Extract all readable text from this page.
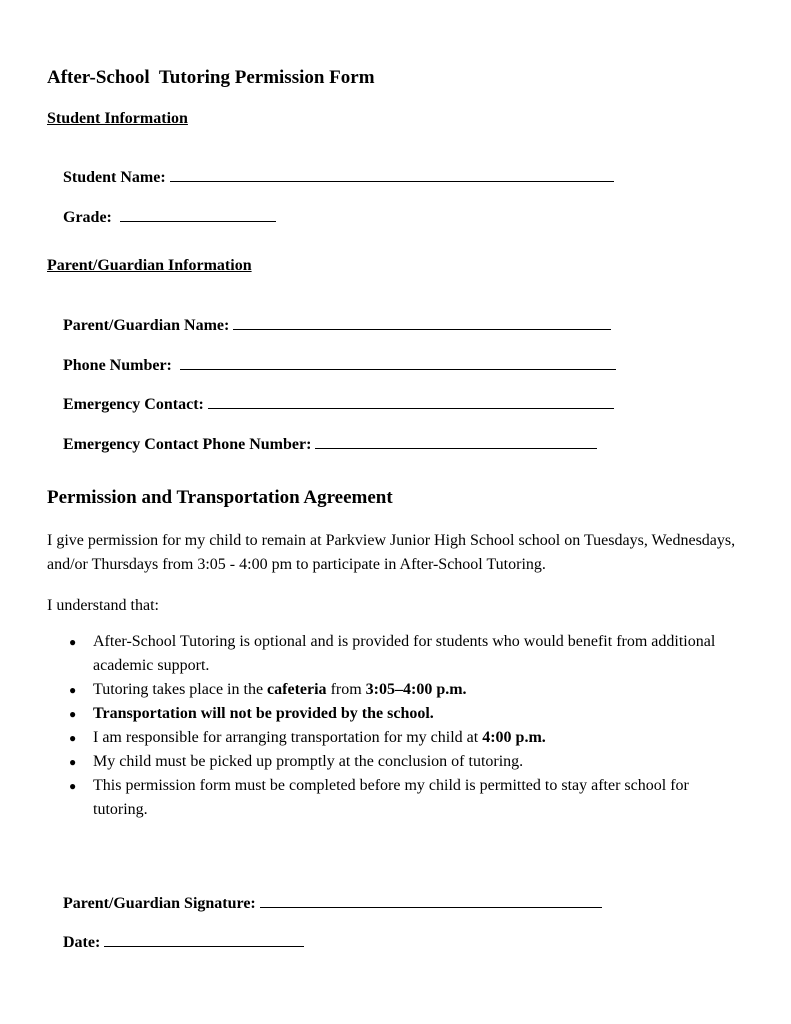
After-School  Tutoring Permission Form
Student Information

Student Name:

Grade:

Parent/Guardian Information

Parent/Guardian Name:

Phone Number:

Emergency Contact:

Emergency Contact Phone Number:

Permission and Transportation Agreement
I give permission for my child to remain at Parkview Junior High School school on Tuesdays, Wednesdays, and/or Thursdays from 3:05 - 4:00 pm to participate in After-School Tutoring.
I understand that:
● After-School Tutoring is optional and is provided for students who would benefit from additional academic support.
● Tutoring takes place in the cafeteria from 3:05–4:00 p.m.
● Transportation will not be provided by the school.
● I am responsible for arranging transportation for my child at 4:00 p.m.
● My child must be picked up promptly at the conclusion of tutoring.
● This permission form must be completed before my child is permitted to stay after school for tutoring.

Parent/Guardian Signature:

Date:
